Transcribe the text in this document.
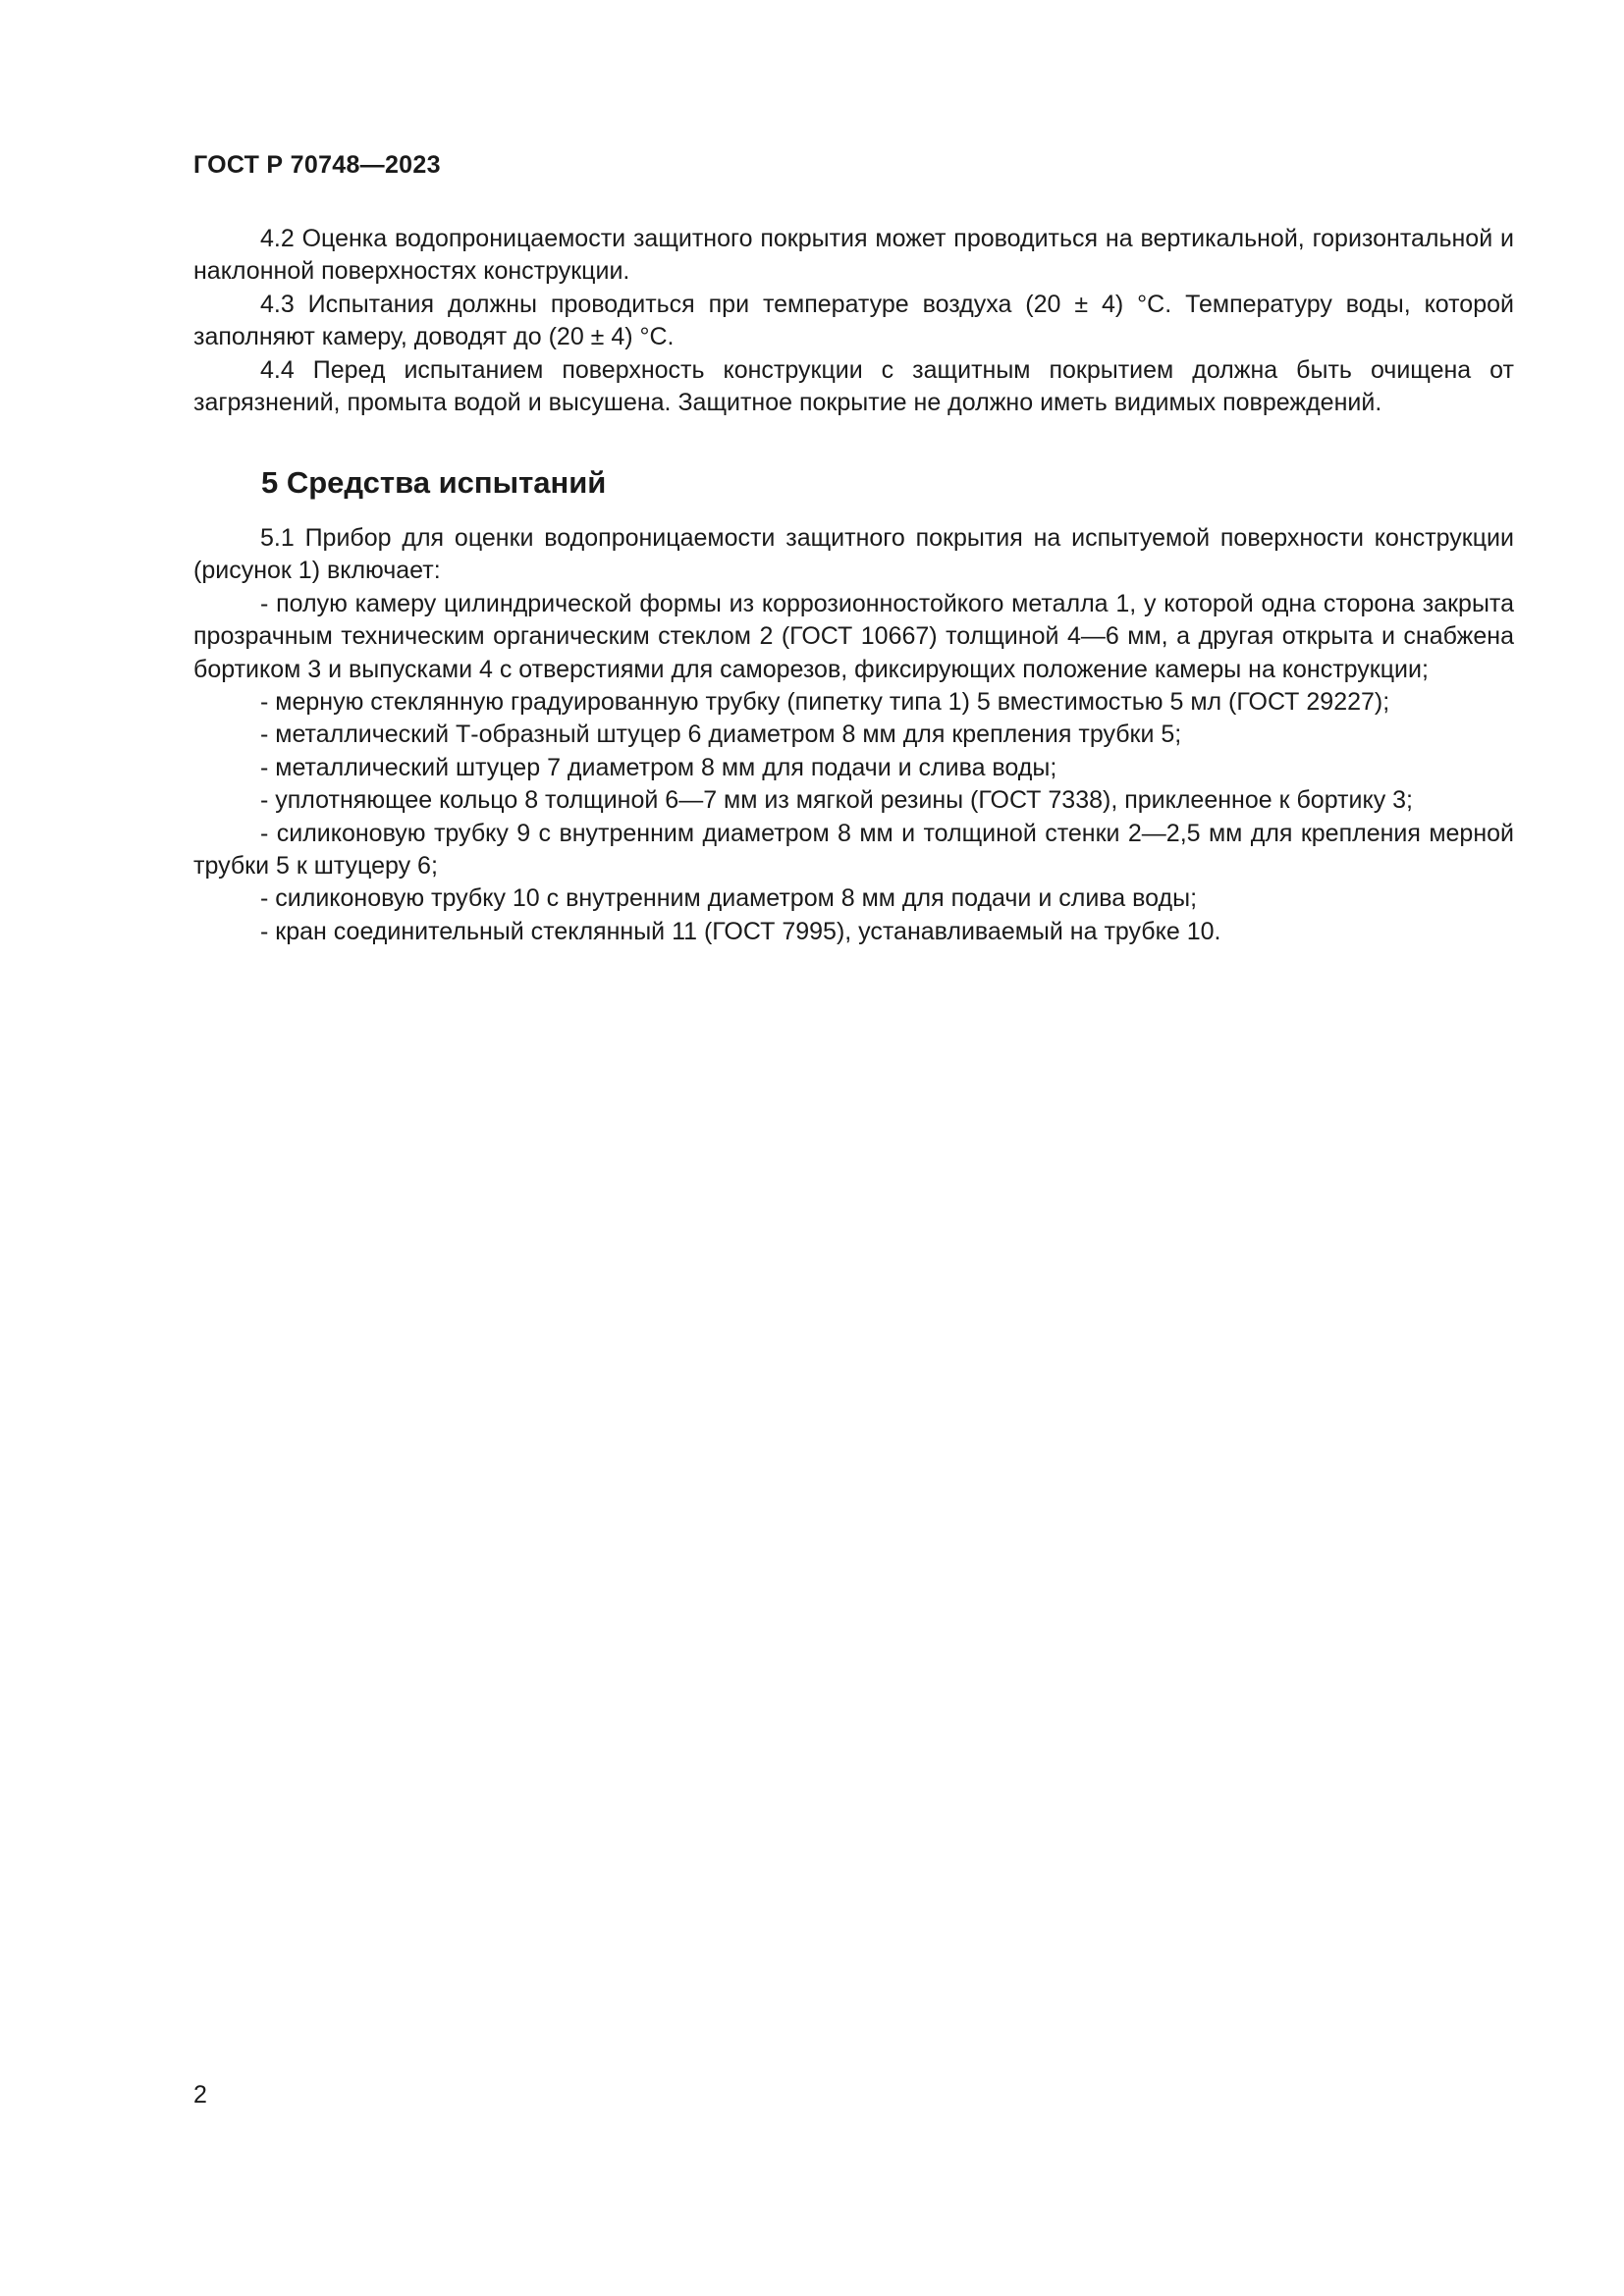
ГОСТ Р 70748—2023

4.2 Оценка водопроницаемости защитного покрытия может проводиться на вертикальной, горизонтальной и наклонной поверхностях конструкции.

4.3 Испытания должны проводиться при температуре воздуха (20 ± 4) °С. Температуру воды, которой заполняют камеру, доводят до (20 ± 4) °С.

4.4 Перед испытанием поверхность конструкции с защитным покрытием должна быть очищена от загрязнений, промыта водой и высушена. Защитное покрытие не должно иметь видимых повреждений.

5 Средства испытаний

5.1 Прибор для оценки водопроницаемости защитного покрытия на испытуемой поверхности конструкции (рисунок 1) включает:

- полую камеру цилиндрической формы из коррозионностойкого металла 1, у которой одна сторона закрыта прозрачным техническим органическим стеклом 2 (ГОСТ 10667) толщиной 4—6 мм, а другая открыта и снабжена бортиком 3 и выпусками 4 с отверстиями для саморезов, фиксирующих положение камеры на конструкции;

- мерную стеклянную градуированную трубку (пипетку типа 1) 5 вместимостью 5 мл (ГОСТ 29227);

- металлический Т-образный штуцер 6 диаметром 8 мм для крепления трубки 5;

- металлический штуцер 7 диаметром 8 мм для подачи и слива воды;

- уплотняющее кольцо 8 толщиной 6—7 мм из мягкой резины (ГОСТ 7338), приклеенное к бортику 3;

- силиконовую трубку 9 с внутренним диаметром 8 мм и толщиной стенки 2—2,5 мм для крепления мерной трубки 5 к штуцеру 6;

- силиконовую трубку 10 с внутренним диаметром 8 мм для подачи и слива воды;

- кран соединительный стеклянный 11 (ГОСТ 7995), устанавливаемый на трубке 10.

2
